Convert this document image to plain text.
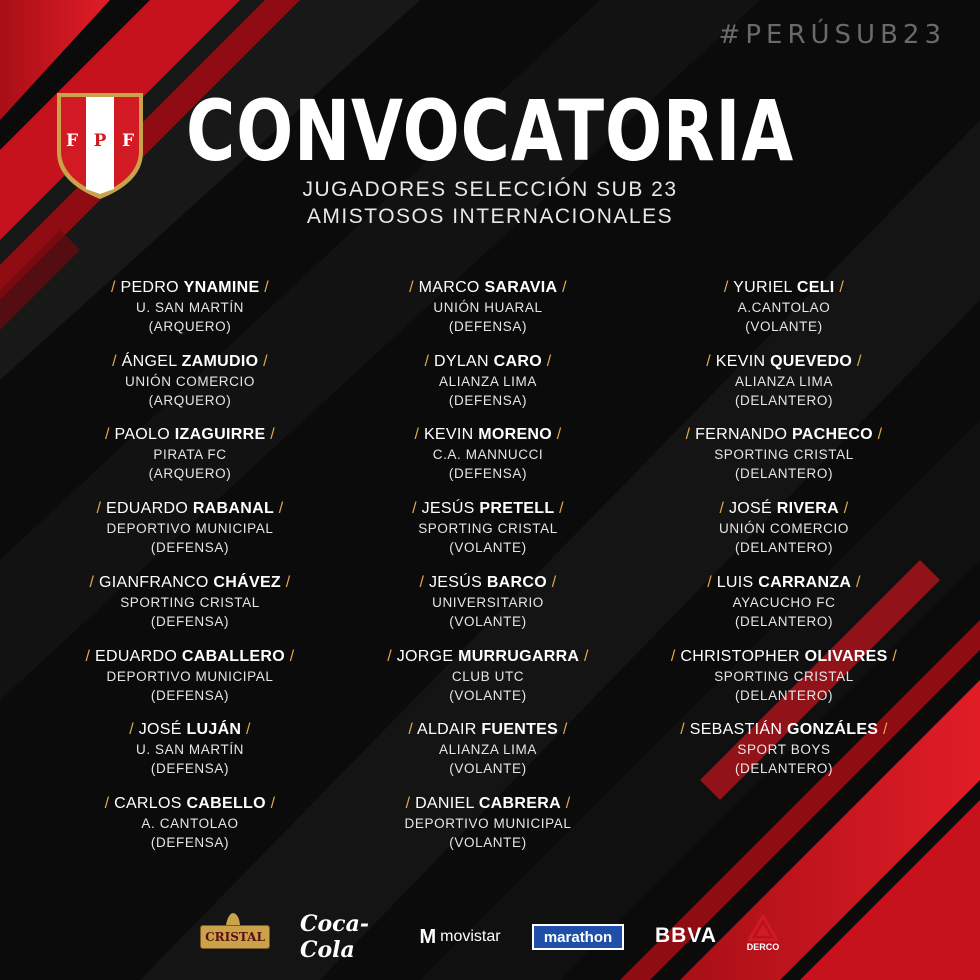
#PERÚSUB23
F P F CONVOCATORIA
JUGADORES SELECCIÓN SUB 23
AMISTOSOS INTERNACIONALES
/ PEDRO YNAMINE /
U. SAN MARTÍN
(ARQUERO)
/ ÁNGEL ZAMUDIO /
UNIÓN COMERCIO
(ARQUERO)
/ PAOLO IZAGUIRRE /
PIRATA FC
(ARQUERO)
/ EDUARDO RABANAL /
DEPORTIVO MUNICIPAL
(DEFENSA)
/ GIANFRANCO CHÁVEZ /
SPORTING CRISTAL
(DEFENSA)
/ EDUARDO CABALLERO /
DEPORTIVO MUNICIPAL
(DEFENSA)
/ JOSÉ LUJÁN /
U. SAN MARTÍN
(DEFENSA)
/ CARLOS CABELLO /
A. CANTOLAO
(DEFENSA)
/ MARCO SARAVIA /
UNIÓN HUARAL
(DEFENSA)
/ DYLAN CARO /
ALIANZA LIMA
(DEFENSA)
/ KEVIN MORENO /
C.A. MANNUCCI
(DEFENSA)
/ JESÚS PRETELL /
SPORTING CRISTAL
(VOLANTE)
/ JESÚS BARCO /
UNIVERSITARIO
(VOLANTE)
/ JORGE MURRUGARRA /
CLUB UTC
(VOLANTE)
/ ALDAIR FUENTES /
ALIANZA LIMA
(VOLANTE)
/ DANIEL CABRERA /
DEPORTIVO MUNICIPAL
(VOLANTE)
/ YURIEL CELI /
A.CANTOLAO
(VOLANTE)
/ KEVIN QUEVEDO /
ALIANZA LIMA
(DELANTERO)
/ FERNANDO PACHECO /
SPORTING CRISTAL
(DELANTERO)
/ JOSÉ RIVERA /
UNIÓN COMERCIO
(DELANTERO)
/ LUIS CARRANZA /
AYACUCHO FC
(DELANTERO)
/ CHRISTOPHER OLIVARES /
SPORTING CRISTAL
(DELANTERO)
/ SEBASTIÁN GONZÁLES /
SPORT BOYS
(DELANTERO)
CRISTAL Coca-Cola
M movistar	marathon	BBVA	DERCO
